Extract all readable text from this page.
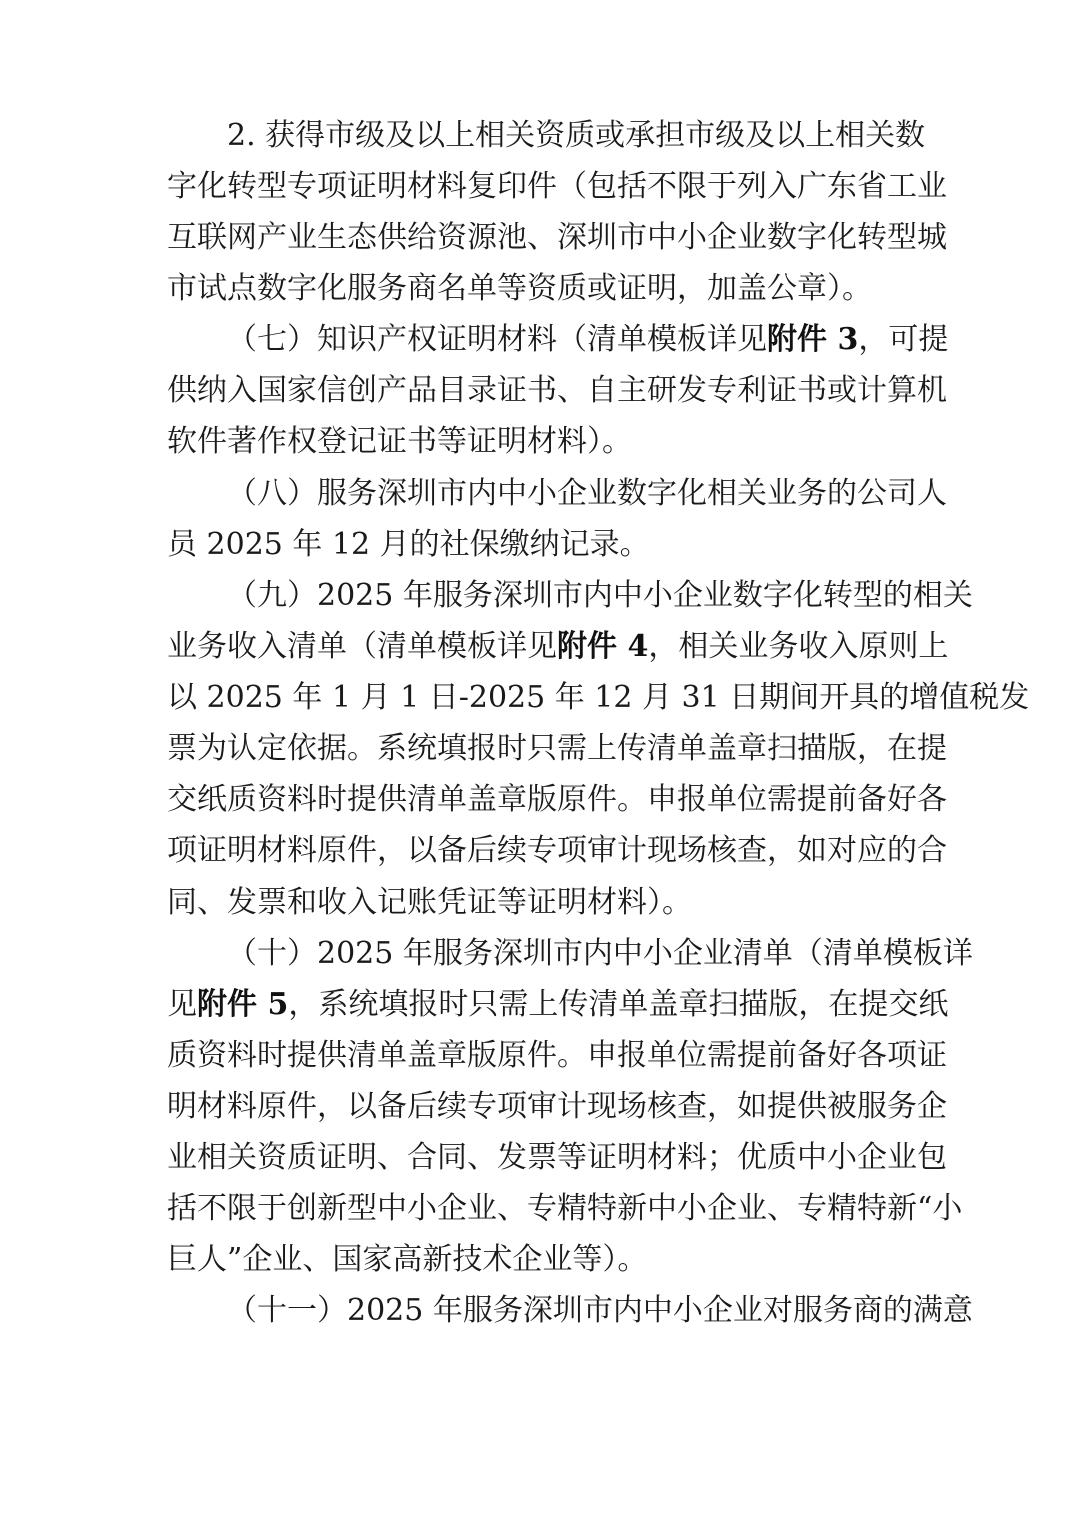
2. 获得市级及以上相关资质或承担市级及以上相关数
字化转型专项证明材料复印件（包括不限于列入广东省工业
互联网产业生态供给资源池、深圳市中小企业数字化转型城
市试点数字化服务商名单等资质或证明，加盖公章）。
（七）知识产权证明材料（清单模板详见附件 3，可提
供纳入国家信创产品目录证书、自主研发专利证书或计算机
软件著作权登记证书等证明材料）。
（八）服务深圳市内中小企业数字化相关业务的公司人
员 2025 年 12 月的社保缴纳记录。
（九）2025 年服务深圳市内中小企业数字化转型的相关
业务收入清单（清单模板详见附件 4，相关业务收入原则上
以 2025 年 1 月 1 日-2025 年 12 月 31 日期间开具的增值税发
票为认定依据。系统填报时只需上传清单盖章扫描版，在提
交纸质资料时提供清单盖章版原件。申报单位需提前备好各
项证明材料原件，以备后续专项审计现场核查，如对应的合
同、发票和收入记账凭证等证明材料）。
（十）2025 年服务深圳市内中小企业清单（清单模板详
见附件 5，系统填报时只需上传清单盖章扫描版，在提交纸
质资料时提供清单盖章版原件。申报单位需提前备好各项证
明材料原件，以备后续专项审计现场核查，如提供被服务企
业相关资质证明、合同、发票等证明材料；优质中小企业包
括不限于创新型中小企业、专精特新中小企业、专精特新“小
巨人”企业、国家高新技术企业等）。
（十一）2025 年服务深圳市内中小企业对服务商的满意
